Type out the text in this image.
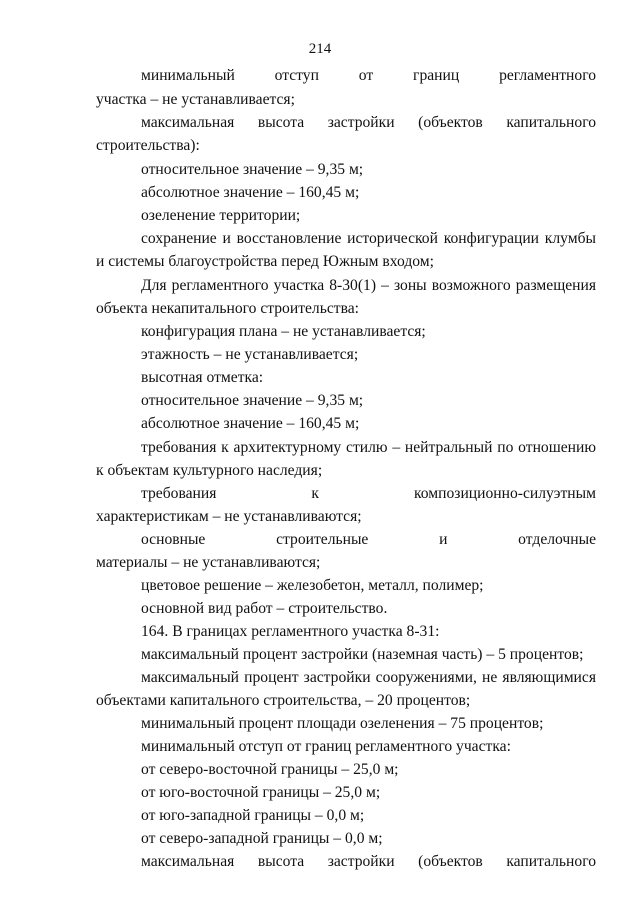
214
минимальный отступ от границ регламентного
участка – не устанавливается;
максимальная высота застройки (объектов капитального
строительства):
относительное значение – 9,35 м;
абсолютное значение – 160,45 м;
озеленение территории;
сохранение и восстановление исторической конфигурации клумбы
и системы благоустройства перед Южным входом;
Для регламентного участка 8-30(1) – зоны возможного размещения
объекта некапитального строительства:
конфигурация плана – не устанавливается;
этажность – не устанавливается;
высотная отметка:
относительное значение – 9,35 м;
абсолютное значение – 160,45 м;
требования к архитектурному стилю – нейтральный по отношению
к объектам культурного наследия;
требования к композиционно-силуэтным
характеристикам – не устанавливаются;
основные строительные и отделочные
материалы – не устанавливаются;
цветовое решение – железобетон, металл, полимер;
основной вид работ – строительство.
164. В границах регламентного участка 8-31:
максимальный процент застройки (наземная часть) – 5 процентов;
максимальный процент застройки сооружениями, не являющимися
объектами капитального строительства, – 20 процентов;
минимальный процент площади озеленения – 75 процентов;
минимальный отступ от границ регламентного участка:
от северо-восточной границы – 25,0 м;
от юго-восточной границы – 25,0 м;
от юго-западной границы – 0,0 м;
от северо-западной границы – 0,0 м;
максимальная высота застройки (объектов капитального
